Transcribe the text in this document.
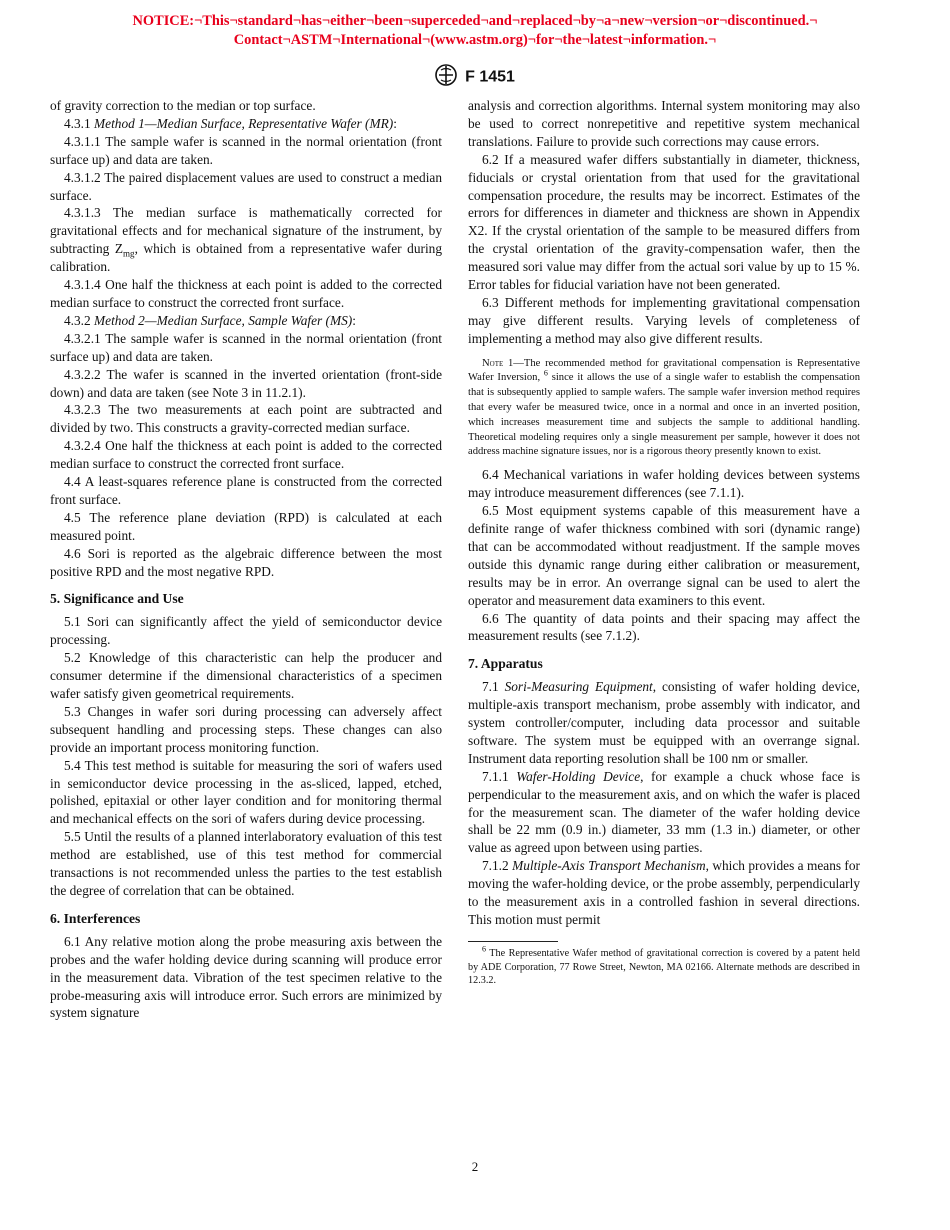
NOTICE:¬This¬standard¬has¬either¬been¬superceded¬and¬replaced¬by¬a¬new¬version¬or¬discontinued.¬
Contact¬ASTM¬International¬(www.astm.org)¬for¬the¬latest¬information.¬
F 1451

of gravity correction to the median or top surface.

4.3.1 Method 1—Median Surface, Representative Wafer (MR):

4.3.1.1 The sample wafer is scanned in the normal orientation (front surface up) and data are taken.

4.3.1.2 The paired displacement values are used to construct a median surface.

4.3.1.3 The median surface is mathematically corrected for gravitational effects and for mechanical signature of the instrument, by subtracting $Z_{mg}$, which is obtained from a representative wafer during calibration.

4.3.1.4 One half the thickness at each point is added to the corrected median surface to construct the corrected front surface.

4.3.2 Method 2—Median Surface, Sample Wafer (MS):

4.3.2.1 The sample wafer is scanned in the normal orientation (front surface up) and data are taken.

4.3.2.2 The wafer is scanned in the inverted orientation (front-side down) and data are taken (see Note 3 in 11.2.1).

4.3.2.3 The two measurements at each point are subtracted and divided by two. This constructs a gravity-corrected median surface.

4.3.2.4 One half the thickness at each point is added to the corrected median surface to construct the corrected front surface.

4.4 A least-squares reference plane is constructed from the corrected front surface.

4.5 The reference plane deviation (RPD) is calculated at each measured point.

4.6 Sori is reported as the algebraic difference between the most positive RPD and the most negative RPD.

5. Significance and Use

5.1 Sori can significantly affect the yield of semiconductor device processing.

5.2 Knowledge of this characteristic can help the producer and consumer determine if the dimensional characteristics of a specimen wafer satisfy given geometrical requirements.

5.3 Changes in wafer sori during processing can adversely affect subsequent handling and processing steps. These changes can also provide an important process monitoring function.

5.4 This test method is suitable for measuring the sori of wafers used in semiconductor device processing in the as-sliced, lapped, etched, polished, epitaxial or other layer condition and for monitoring thermal and mechanical effects on the sori of wafers during device processing.

5.5 Until the results of a planned interlaboratory evaluation of this test method are established, use of this test method for commercial transactions is not recommended unless the parties to the test establish the degree of correlation that can be obtained.

6. Interferences

6.1 Any relative motion along the probe measuring axis between the probes and the wafer holding device during scanning will produce error in the measurement data. Vibration of the test specimen relative to the probe-measuring axis will introduce error. Such errors are minimized by system signature

analysis and correction algorithms. Internal system monitoring may also be used to correct nonrepetitive and repetitive system mechanical translations. Failure to provide such corrections may cause errors.

6.2 If a measured wafer differs substantially in diameter, thickness, fiducials or crystal orientation from that used for the gravitational compensation procedure, the results may be incorrect. Estimates of the errors for differences in diameter and thickness are shown in Appendix X2. If the crystal orientation of the sample to be measured differs from the crystal orientation of the gravity-compensation wafer, then the measured sori value may differ from the actual sori value by up to 15 %. Error tables for fiducial variation have not been generated.

6.3 Different methods for implementing gravitational compensation may give different results. Varying levels of completeness of implementing a method may also give different results.

Note 1—The recommended method for gravitational compensation is Representative Wafer Inversion, $^6$ since it allows the use of a single wafer to establish the compensation that is subsequently applied to sample wafers. The sample wafer inversion method requires that every wafer be measured twice, once in a normal and once in an inverted position, which increases measurement time and subjects the sample to additional handling. Theoretical modeling requires only a single measurement per sample, however it does not address machine signature issues, nor is a rigorous theory presently known to exist.

6.4 Mechanical variations in wafer holding devices between systems may introduce measurement differences (see 7.1.1).

6.5 Most equipment systems capable of this measurement have a definite range of wafer thickness combined with sori (dynamic range) that can be accommodated without readjustment. If the sample moves outside this dynamic range during either calibration or measurement, results may be in error. An overrange signal can be used to alert the operator and measurement data examiners to this event.

6.6 The quantity of data points and their spacing may affect the measurement results (see 7.1.2).

7. Apparatus

7.1 Sori-Measuring Equipment, consisting of wafer holding device, multiple-axis transport mechanism, probe assembly with indicator, and system controller/computer, including data processor and suitable software. The system must be equipped with an overrange signal. Instrument data reporting resolution shall be 100 nm or smaller.

7.1.1 Wafer-Holding Device, for example a chuck whose face is perpendicular to the measurement axis, and on which the wafer is placed for the measurement scan. The diameter of the wafer holding device shall be 22 mm (0.9 in.) diameter, 33 mm (1.3 in.) diameter, or other value as agreed upon between using parties.

7.1.2 Multiple-Axis Transport Mechanism, which provides a means for moving the wafer-holding device, or the probe assembly, perpendicularly to the measurement axis in a controlled fashion in several directions. This motion must permit

$^6$ The Representative Wafer method of gravitational correction is covered by a patent held by ADE Corporation, 77 Rowe Street, Newton, MA 02166. Alternate methods are described in 12.3.2.
2
